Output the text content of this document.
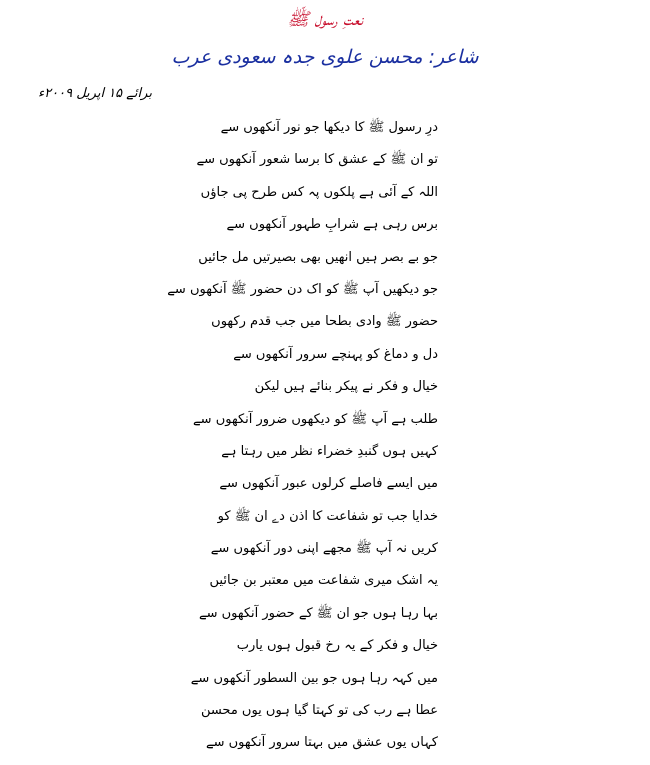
نعتِ رسول ﷺ
شاعر: محسن علوی جدہ سعودی عرب
برائے ۱۵ اپریل ۲۰۰۹ء
درِ رسول ﷺ کا دیکھا جو نور آنکھوں سے
تو ان ﷺ کے عشق کا برسا شعور آنکھوں سے
اللہ کے آئی ہے پلکوں پہ کس طرح پی جاؤں
برس رہی ہے شرابِ طہور آنکھوں سے
جو بے بصر ہیں انھیں بھی بصیرتیں مل جائیں
جو دیکھیں آپ ﷺ کو اک دن حضور ﷺ آنکھوں سے
حضور ﷺ وادی بطحا میں جب قدم رکھوں
دل و دماغ کو پہنچے سرور آنکھوں سے
خیال و فکر نے پیکر بنائے ہیں لیکن
طلب ہے آپ ﷺ کو دیکھوں ضرور آنکھوں سے
کہیں ہوں گنبدِ خضراء نظر میں رہتا ہے
میں ایسے فاصلے کرلوں عبور آنکھوں سے
خدایا جب تو شفاعت کا اذن دے ان ﷺ کو
کریں نہ آپ ﷺ مجھے اپنی دور آنکھوں سے
یہ اشک میری شفاعت میں معتبر بن جائیں
بہا رہا ہوں جو ان ﷺ کے حضور آنکھوں سے
خیال و فکر کے یہ رخ قبول ہوں یارب
میں کہہ رہا ہوں جو بین السطور آنکھوں سے
عطا ہے رب کی تو کہتا گیا ہوں یوں محسن
کہاں یوں عشق میں بہتا سرور آنکھوں سے
